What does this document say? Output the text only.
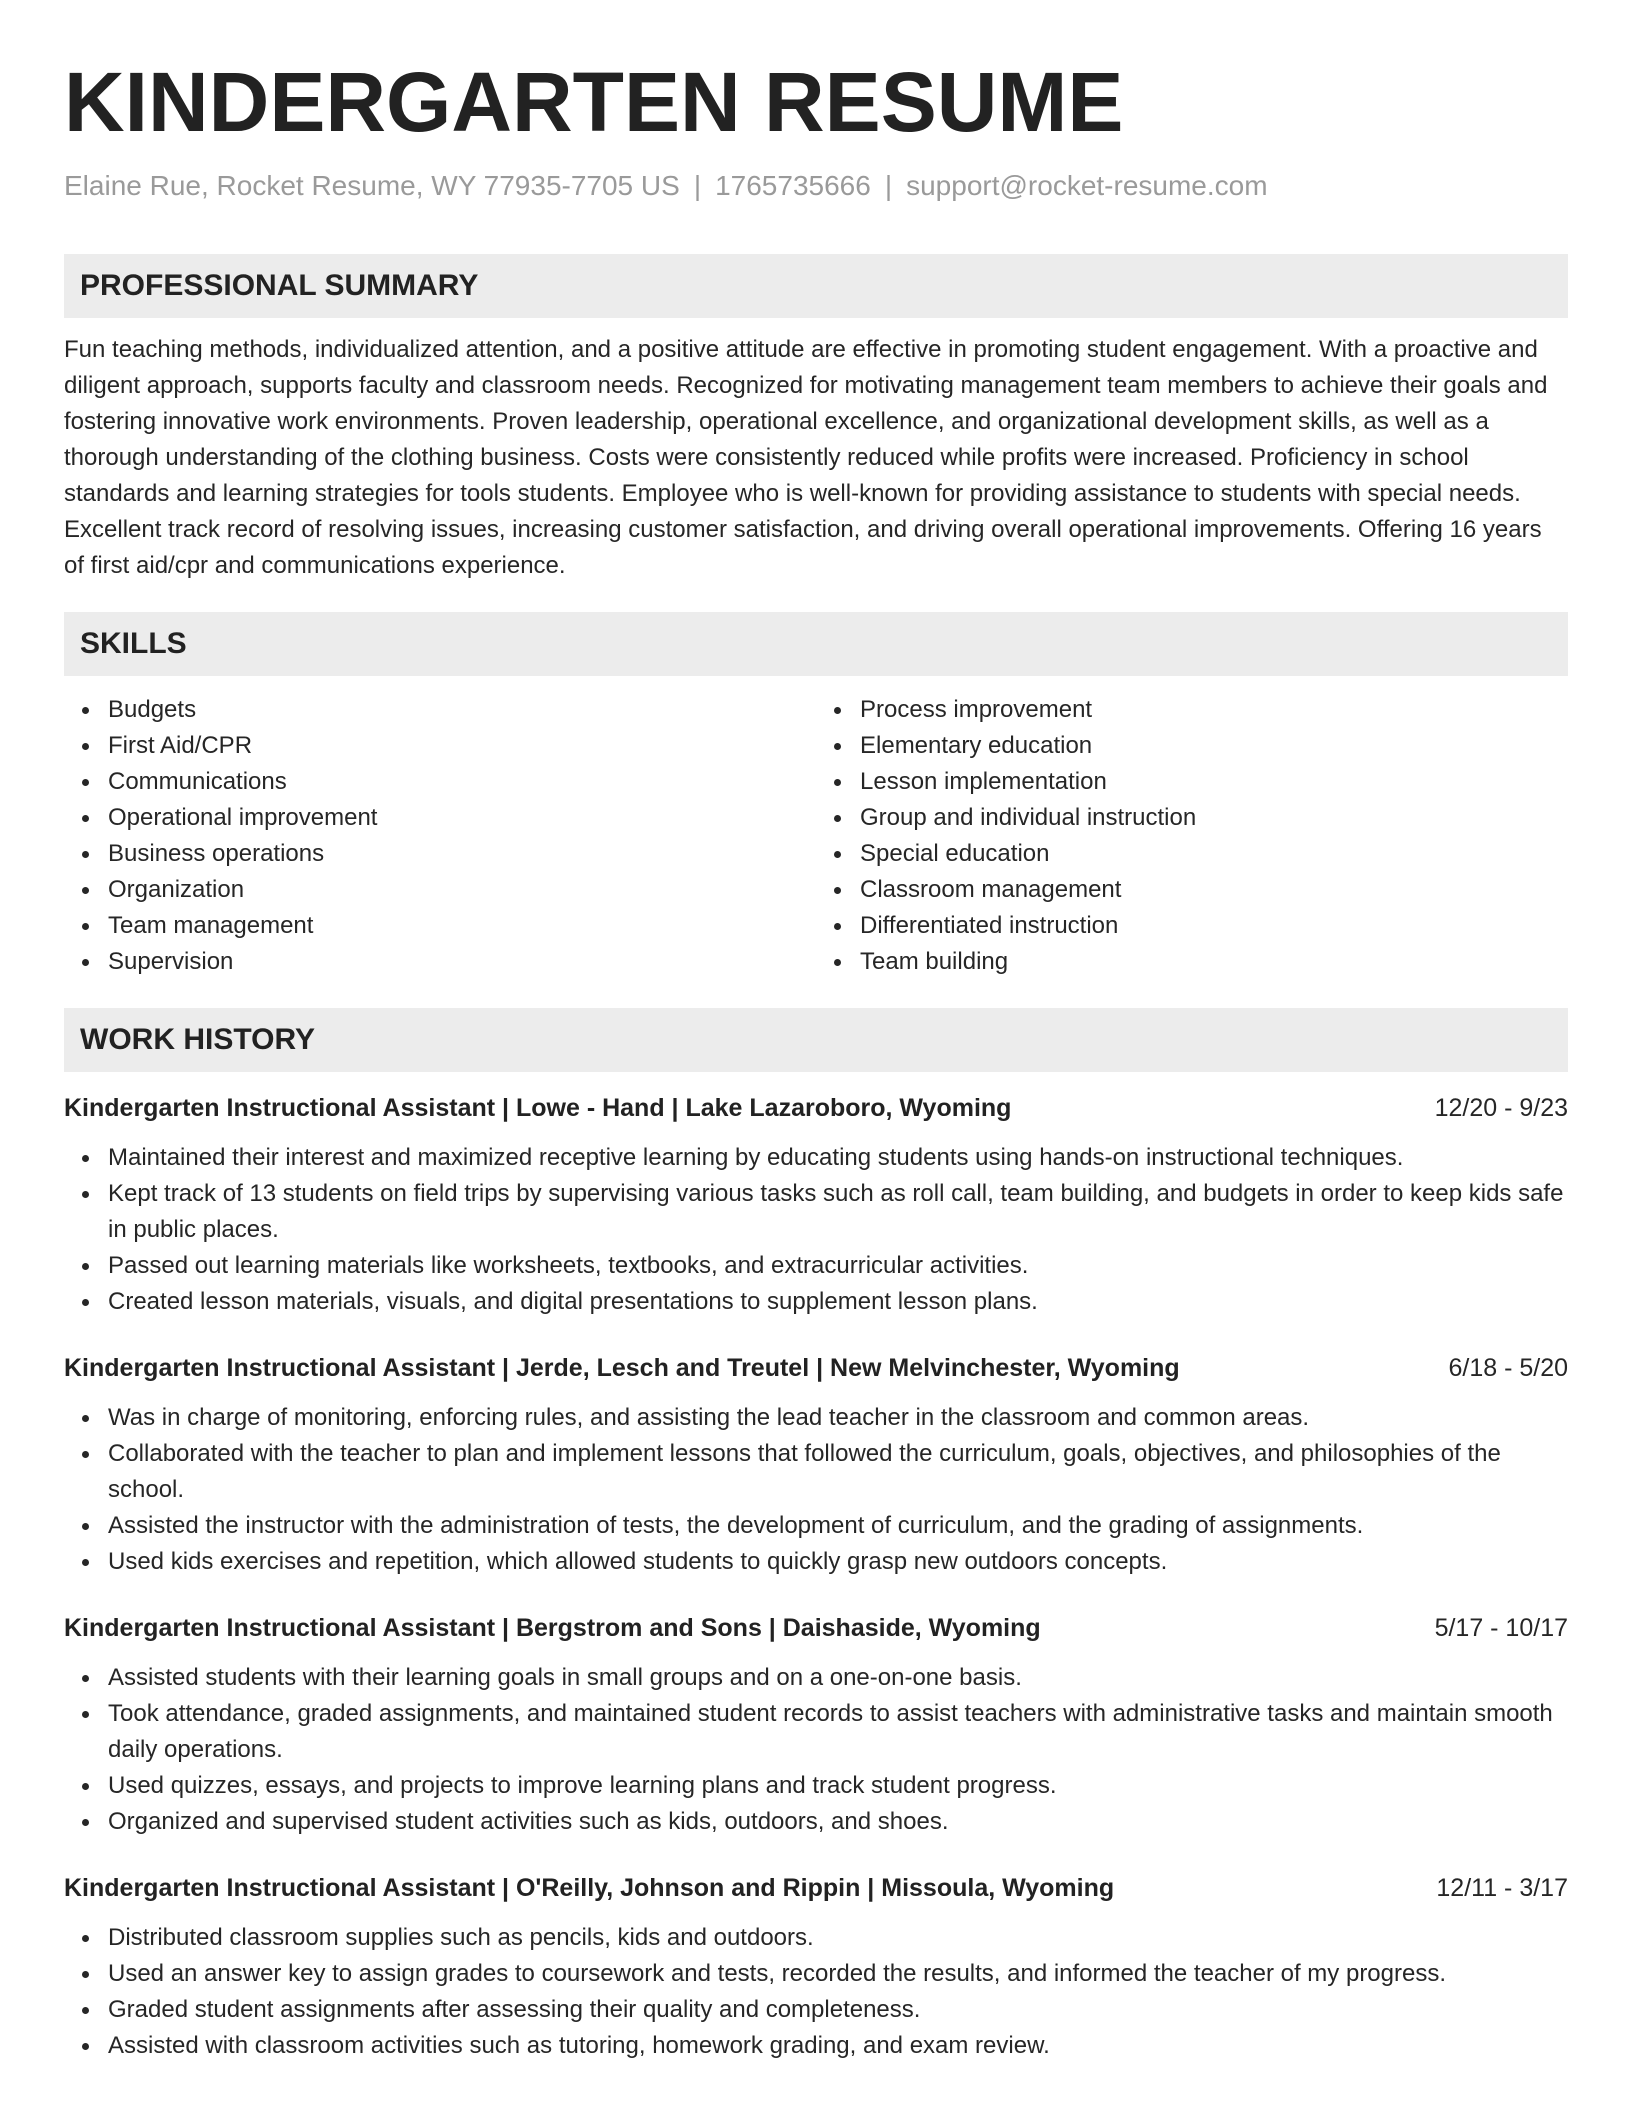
KINDERGARTEN RESUME
Elaine Rue, Rocket Resume, WY 77935-7705 US | 1765735666 | support@rocket-resume.com
PROFESSIONAL SUMMARY

Fun teaching methods, individualized attention, and a positive attitude are effective in promoting student engagement. With a proactive and diligent approach, supports faculty and classroom needs. Recognized for motivating management team members to achieve their goals and fostering innovative work environments. Proven leadership, operational excellence, and organizational development skills, as well as a thorough understanding of the clothing business. Costs were consistently reduced while profits were increased. Proficiency in school standards and learning strategies for tools students. Employee who is well-known for providing assistance to students with special needs. Excellent track record of resolving issues, increasing customer satisfaction, and driving overall operational improvements. Offering 16 years of first aid/cpr and communications experience.

SKILLS
Budgets
First Aid/CPR
Communications
Operational improvement
Business operations
Organization
Team management
Supervision
Process improvement
Elementary education
Lesson implementation
Group and individual instruction
Special education
Classroom management
Differentiated instruction
Team building
WORK HISTORY
Kindergarten Instructional Assistant | Lowe - Hand | Lake Lazaroboro, Wyoming	12/20 - 9/23
Maintained their interest and maximized receptive learning by educating students using hands-on instructional techniques.
Kept track of 13 students on field trips by supervising various tasks such as roll call, team building, and budgets in order to keep kids safe in public places.
Passed out learning materials like worksheets, textbooks, and extracurricular activities.
Created lesson materials, visuals, and digital presentations to supplement lesson plans.
Kindergarten Instructional Assistant | Jerde, Lesch and Treutel | New Melvinchester, Wyoming	6/18 - 5/20
Was in charge of monitoring, enforcing rules, and assisting the lead teacher in the classroom and common areas.
Collaborated with the teacher to plan and implement lessons that followed the curriculum, goals, objectives, and philosophies of the school.
Assisted the instructor with the administration of tests, the development of curriculum, and the grading of assignments.
Used kids exercises and repetition, which allowed students to quickly grasp new outdoors concepts.
Kindergarten Instructional Assistant | Bergstrom and Sons | Daishaside, Wyoming	5/17 - 10/17
Assisted students with their learning goals in small groups and on a one-on-one basis.
Took attendance, graded assignments, and maintained student records to assist teachers with administrative tasks and maintain smooth daily operations.
Used quizzes, essays, and projects to improve learning plans and track student progress.
Organized and supervised student activities such as kids, outdoors, and shoes.
Kindergarten Instructional Assistant | O'Reilly, Johnson and Rippin | Missoula, Wyoming	12/11 - 3/17
Distributed classroom supplies such as pencils, kids and outdoors.
Used an answer key to assign grades to coursework and tests, recorded the results, and informed the teacher of my progress.
Graded student assignments after assessing their quality and completeness.
Assisted with classroom activities such as tutoring, homework grading, and exam review.
